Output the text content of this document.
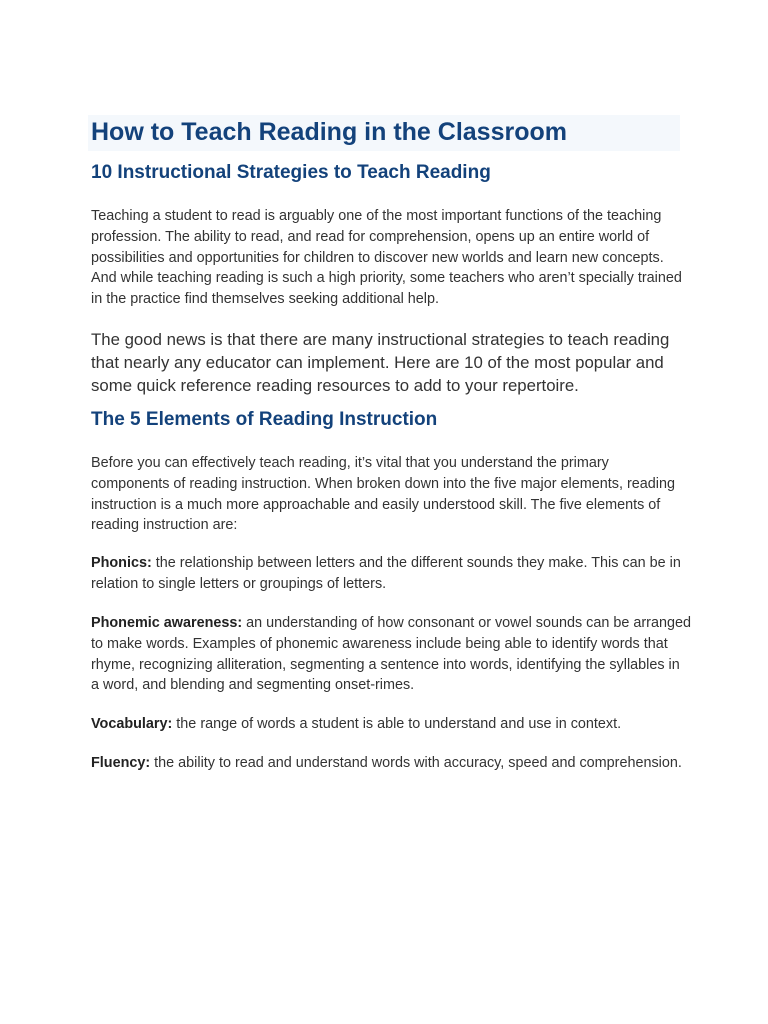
How to Teach Reading in the Classroom
10 Instructional Strategies to Teach Reading

Teaching a student to read is arguably one of the most important functions of the teaching profession. The ability to read, and read for comprehension, opens up an entire world of possibilities and opportunities for children to discover new worlds and learn new concepts. And while teaching reading is such a high priority, some teachers who aren’t specially trained in the practice find themselves seeking additional help.

The good news is that there are many instructional strategies to teach reading that nearly any educator can implement. Here are 10 of the most popular and some quick reference reading resources to add to your repertoire.

The 5 Elements of Reading Instruction

Before you can effectively teach reading, it’s vital that you understand the primary components of reading instruction. When broken down into the five major elements, reading instruction is a much more approachable and easily understood skill. The five elements of reading instruction are:

Phonics: the relationship between letters and the different sounds they make. This can be in relation to single letters or groupings of letters.

Phonemic awareness: an understanding of how consonant or vowel sounds can be arranged to make words. Examples of phonemic awareness include being able to identify words that rhyme, recognizing alliteration, segmenting a sentence into words, identifying the syllables in a word, and blending and segmenting onset-rimes.

Vocabulary: the range of words a student is able to understand and use in context.

Fluency: the ability to read and understand words with accuracy, speed and comprehension.
